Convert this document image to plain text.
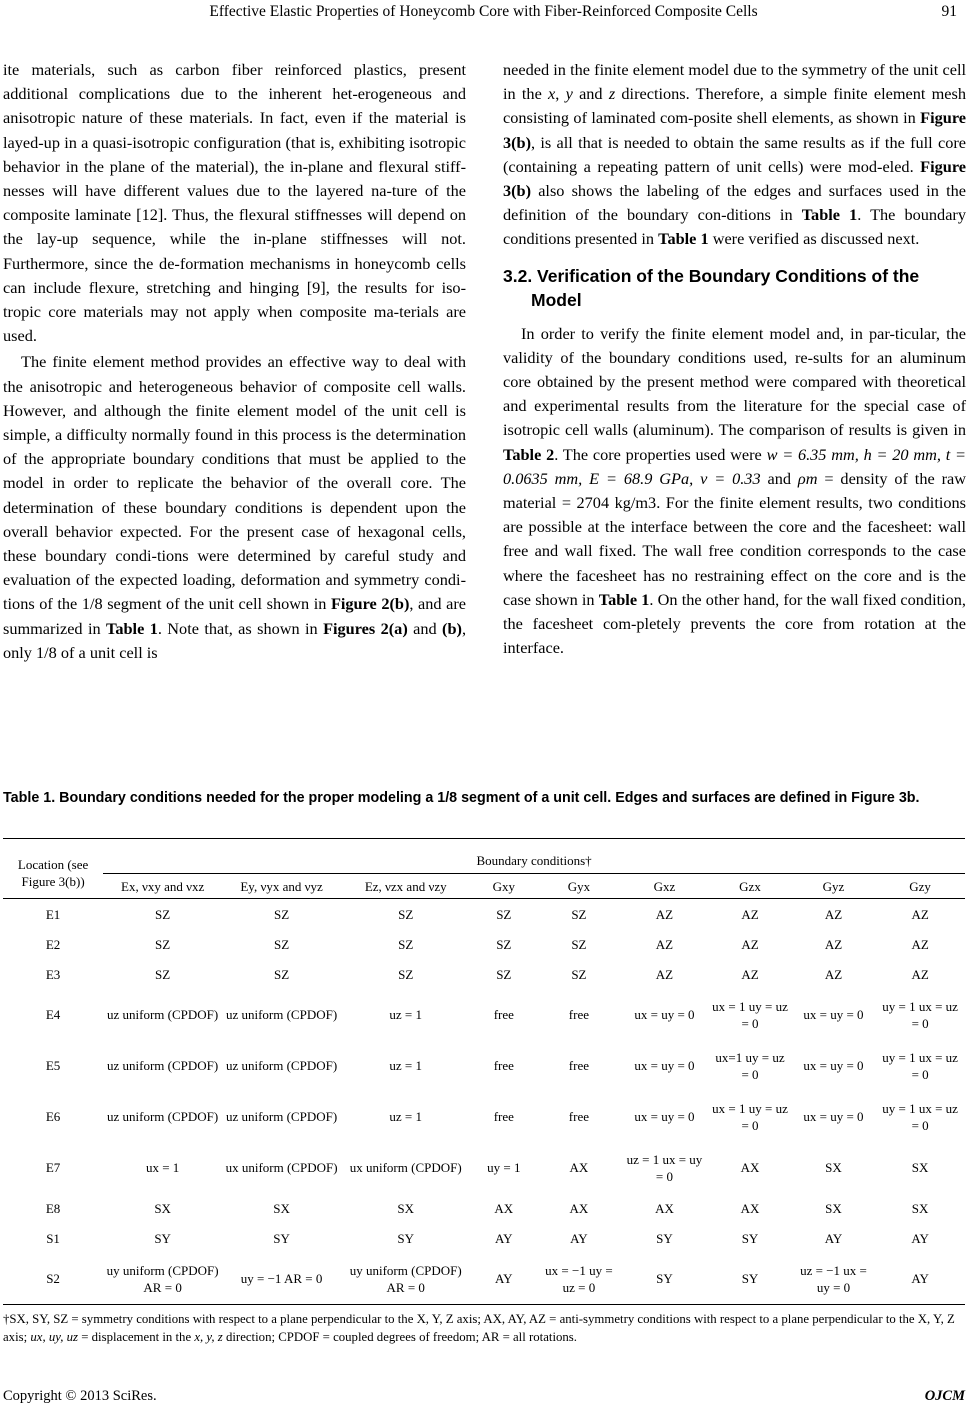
Effective Elastic Properties of Honeycomb Core with Fiber-Reinforced Composite Cells	91

ite materials, such as carbon fiber reinforced plastics, present additional complications due to the inherent het-erogeneous and anisotropic nature of these materials. In fact, even if the material is layed-up in a quasi-isotropic configuration (that is, exhibiting isotropic behavior in the plane of the material), the in-plane and flexural stiff-nesses will have different values due to the layered na-ture of the composite laminate [12]. Thus, the flexural stiffnesses will depend on the lay-up sequence, while the in-plane stiffnesses will not. Furthermore, since the de-formation mechanisms in honeycomb cells can include flexure, stretching and hinging [9], the results for iso-tropic core materials may not apply when composite ma-terials are used.

The finite element method provides an effective way to deal with the anisotropic and heterogeneous behavior of composite cell walls. However, and although the finite element model of the unit cell is simple, a difficulty normally found in this process is the determination of the appropriate boundary conditions that must be applied to the model in order to replicate the behavior of the overall core. The determination of these boundary conditions is dependent upon the overall behavior expected. For the present case of hexagonal cells, these boundary condi-tions were determined by careful study and evaluation of the expected loading, deformation and symmetry condi-tions of the 1/8 segment of the unit cell shown in Figure 2(b), and are summarized in Table 1. Note that, as shown in Figures 2(a) and (b), only 1/8 of a unit cell is

needed in the finite element model due to the symmetry of the unit cell in the x, y and z directions. Therefore, a simple finite element mesh consisting of laminated com-posite shell elements, as shown in Figure 3(b), is all that is needed to obtain the same results as if the full core (containing a repeating pattern of unit cells) were mod-eled. Figure 3(b) also shows the labeling of the edges and surfaces used in the definition of the boundary con-ditions in Table 1. The boundary conditions presented in Table 1 were verified as discussed next.

3.2. Verification of the Boundary Conditions of the Model

In order to verify the finite element model and, in par-ticular, the validity of the boundary conditions used, re-sults for an aluminum core obtained by the present method were compared with theoretical and experimental results from the literature for the special case of isotropic cell walls (aluminum). The comparison of results is given in Table 2. The core properties used were w = 6.35 mm, h = 20 mm, t = 0.0635 mm, E = 68.9 GPa, ν = 0.33 and ρm = density of the raw material = 2704 kg/m3. For the finite element results, two conditions are possible at the interface between the core and the facesheet: wall free and wall fixed. The wall free condition corresponds to the case where the facesheet has no restraining effect on the core and is the case shown in Table 1. On the other hand, for the wall fixed condition, the facesheet com-pletely prevents the core from rotation at the interface.

Table 1. Boundary conditions needed for the proper modeling a 1/8 segment of a unit cell. Edges and surfaces are defined in Figure 3b.
Location (see Figure 3(b))	Boundary conditions†								
	Ex, νxy and νxz	Ey, νyx and νyz	Ez, νzx and νzy	Gxy	Gyx	Gxz	Gzx	Gyz	Gzy
E1	SZ	SZ	SZ	SZ	SZ	AZ	AZ	AZ	AZ
E2	SZ	SZ	SZ	SZ	SZ	AZ	AZ	AZ	AZ
E3	SZ	SZ	SZ	SZ	SZ	AZ	AZ	AZ	AZ
E4	uz uniform (CPDOF)	uz uniform (CPDOF)	uz = 1	free	free	ux = uy = 0	ux = 1 uy = uz = 0	ux = uy = 0	uy = 1 ux = uz = 0
E5	uz uniform (CPDOF)	uz uniform (CPDOF)	uz = 1	free	free	ux = uy = 0	ux=1 uy = uz = 0	ux = uy = 0	uy = 1 ux = uz = 0
E6	uz uniform (CPDOF)	uz uniform (CPDOF)	uz = 1	free	free	ux = uy = 0	ux = 1 uy = uz = 0	ux = uy = 0	uy = 1 ux = uz = 0
E7	ux = 1	ux uniform (CPDOF)	ux uniform (CPDOF)	uy = 1	AX	uz = 1 ux = uy = 0	AX	SX	SX
E8	SX	SX	SX	AX	AX	AX	AX	SX	SX
S1	SY	SY	SY	AY	AY	SY	SY	AY	AY
S2	uy uniform (CPDOF) AR = 0	uy = −1 AR = 0	uy uniform (CPDOF) AR = 0	AY	ux = −1 uy = uz = 0	SY	SY	uz = −1 ux = uy = 0	AY
†SX, SY, SZ = symmetry conditions with respect to a plane perpendicular to the X, Y, Z axis; AX, AY, AZ = anti-symmetry conditions with respect to a plane perpendicular to the X, Y, Z axis; ux, uy, uz = displacement in the x, y, z direction; CPDOF = coupled degrees of freedom; AR = all rotations.
Copyright © 2013 SciRes.	OJCM
